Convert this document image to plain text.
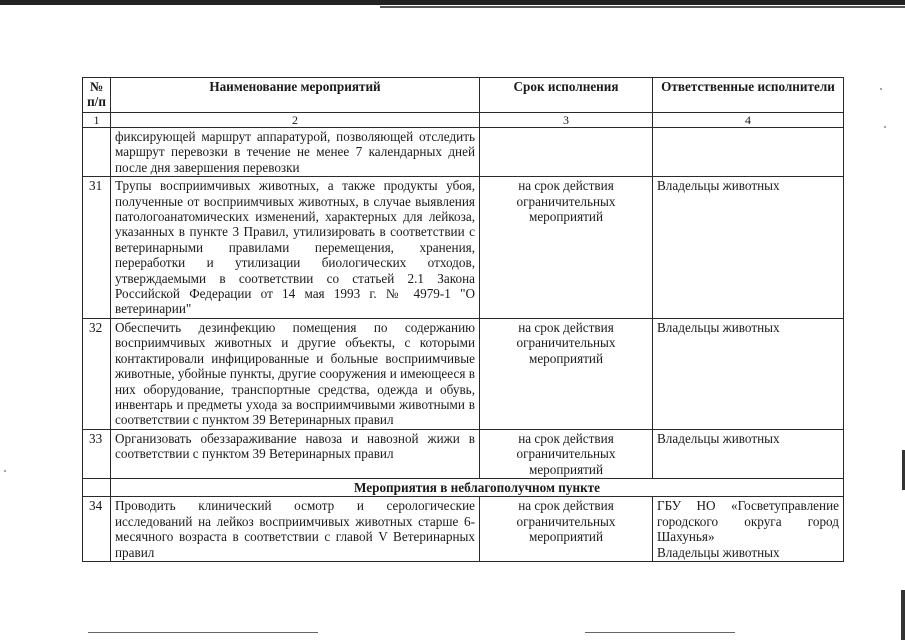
№ п/п	Наименование мероприятий	Срок исполнения	Ответственные исполнители
1	2	3	4
	фиксирующей маршрут аппаратурой, позволяющей отследить маршрут перевозки в течение не менее 7 календарных дней после дня завершения перевозки		
31	Трупы восприимчивых животных, а также продукты убоя, полученные от восприимчивых животных, в случае выявления патологоанатомических изменений, характерных для лейкоза, указанных в пункте 3 Правил, утилизировать в соответствии с ветеринарными правилами перемещения, хранения, переработки и утилизации биологических отходов, утверждаемыми в соответствии со статьей 2.1 Закона Российской Федерации от 14 мая 1993 г. № 4979-1 "О ветеринарии"	на срок действия ограничительных мероприятий	Владельцы животных
32	Обеспечить дезинфекцию помещения по содержанию восприимчивых животных и другие объекты, с которыми контактировали инфицированные и больные восприимчивые животные, убойные пункты, другие сооружения и имеющееся в них оборудование, транспортные средства, одежда и обувь, инвентарь и предметы ухода за восприимчивыми животными в соответствии с пунктом 39 Ветеринарных правил	на срок действия ограничительных мероприятий	Владельцы животных
33	Организовать обеззараживание навоза и навозной жижи в соответствии с пунктом 39 Ветеринарных правил	на срок действия ограничительных мероприятий	Владельцы животных
	Мероприятия в неблагополучном пункте		
34	Проводить клинический осмотр и серологические исследований на лейкоз восприимчивых животных старше 6-месячного возраста в соответствии с главой V Ветеринарных правил	на срок действия ограничительных мероприятий	ГБУ НО «Госветуправление городского округа город Шахунья»
Владельцы животных
